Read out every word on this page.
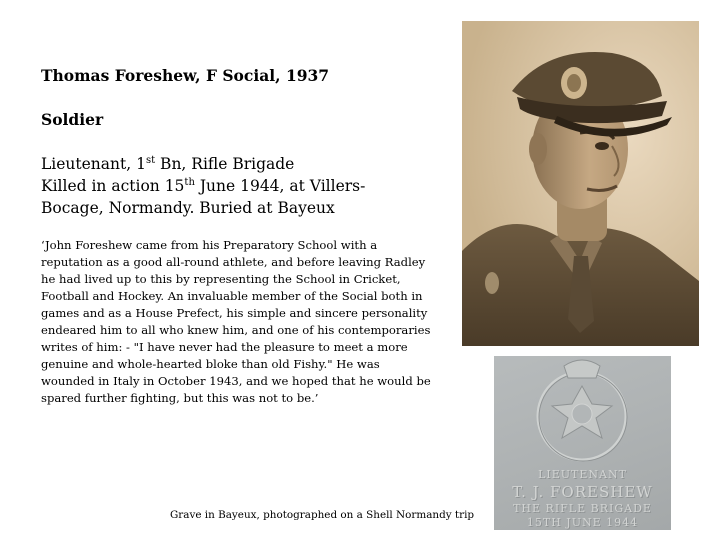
Thomas Foreshew, F Social, 1937
Soldier
Lieutenant, 1st Bn, Rifle Brigade
Killed in action 15th June 1944, at Villers-Bocage, Normandy. Buried at Bayeux
‘John Foreshew came from his Preparatory School with a reputation as a good all-round athlete, and before leaving Radley he had lived up to this by representing the School in Cricket, Football and Hockey. An invaluable member of the Social both in games and as a House Prefect, his simple and sincere personality endeared him to all who knew him, and one of his contemporaries writes of him: - "I have never had the pleasure to meet a more genuine and whole-hearted bloke than old Fishy." He was wounded in Italy in October 1943, and we hoped that he would be spared further fighting, but this was not to be.’
LIEUTENANT
T. J. FORESHEW
THE RIFLE BRIGADE
15TH JUNE 1944
Grave in Bayeux, photographed on a Shell Normandy trip
